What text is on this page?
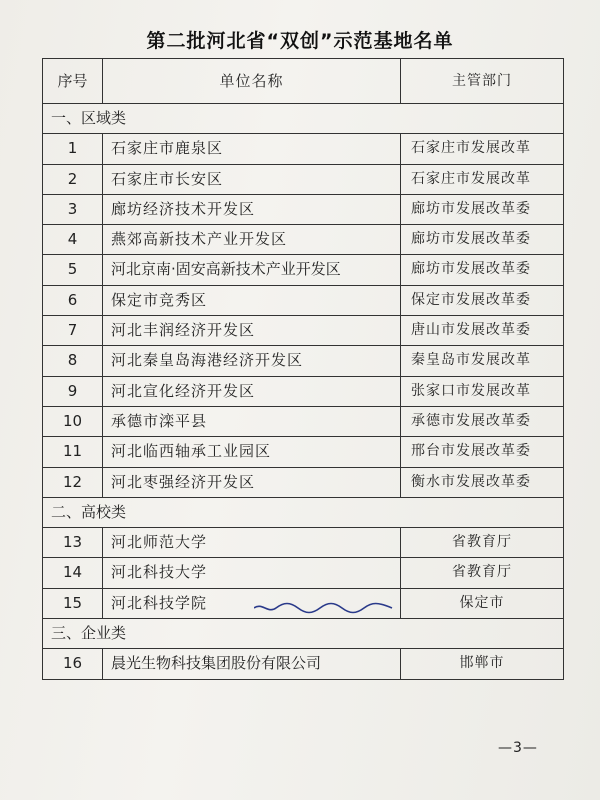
第二批河北省“双创”示范基地名单
序号	单位名称	主管部门
一、区域类
1	石家庄市鹿泉区	石家庄市发展改革
2	石家庄市长安区	石家庄市发展改革
3	廊坊经济技术开发区	廊坊市发展改革委
4	燕郊高新技术产业开发区	廊坊市发展改革委
5	河北京南·固安高新技术产业开发区	廊坊市发展改革委
6	保定市竞秀区	保定市发展改革委
7	河北丰润经济开发区	唐山市发展改革委
8	河北秦皇岛海港经济开发区	秦皇岛市发展改革
9	河北宣化经济开发区	张家口市发展改革
10	承德市滦平县	承德市发展改革委
11	河北临西轴承工业园区	邢台市发展改革委
12	河北枣强经济开发区	衡水市发展改革委
二、高校类
13	河北师范大学	省教育厅
14	河北科技大学	省教育厅
15	河北科技学院	保定市
三、企业类
16	晨光生物科技集团股份有限公司	邯郸市
—3—
